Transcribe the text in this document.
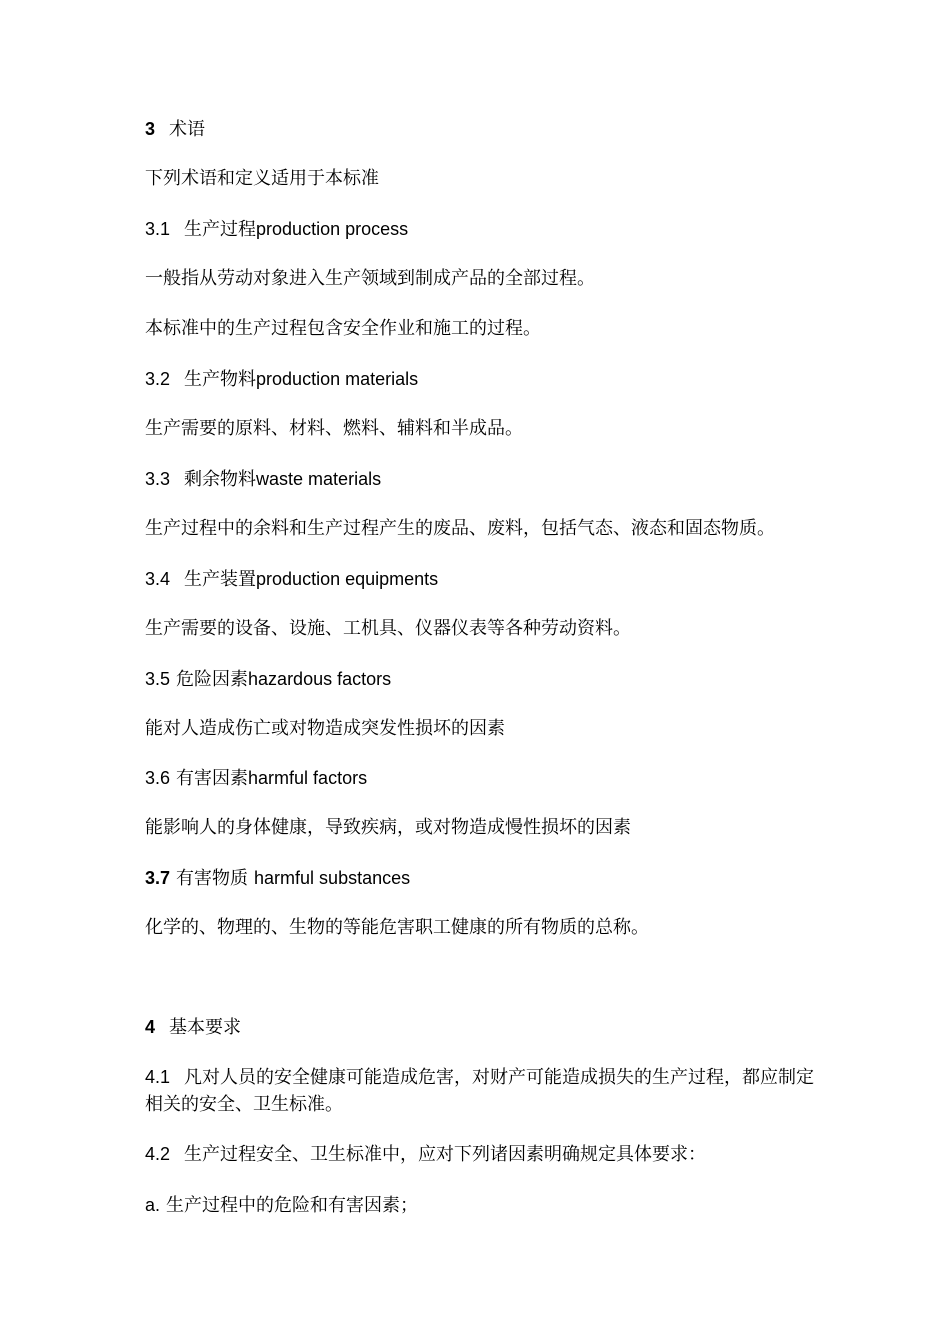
3 术语

下列术语和定义适用于本标准

3.1 生产过程production process

一般指从劳动对象进入生产领域到制成产品的全部过程。

本标准中的生产过程包含安全作业和施工的过程。

3.2 生产物料production materials

生产需要的原料、材料、燃料、辅料和半成品。

3.3 剩余物料waste materials

生产过程中的余料和生产过程产生的废品、废料，包括气态、液态和固态物质。

3.4 生产装置production equipments

生产需要的设备、设施、工机具、仪器仪表等各种劳动资料。

3.5 危险因素hazardous factors

能对人造成伤亡或对物造成突发性损坏的因素

3.6 有害因素harmful factors

能影响人的身体健康，导致疾病，或对物造成慢性损坏的因素

3.7 有害物质 harmful substances

化学的、物理的、生物的等能危害职工健康的所有物质的总称。

4 基本要求

4.1 凡对人员的安全健康可能造成危害，对财产可能造成损失的生产过程，都应制定相关的安全、卫生标准。

4.2 生产过程安全、卫生标准中，应对下列诸因素明确规定具体要求：

a. 生产过程中的危险和有害因素；
